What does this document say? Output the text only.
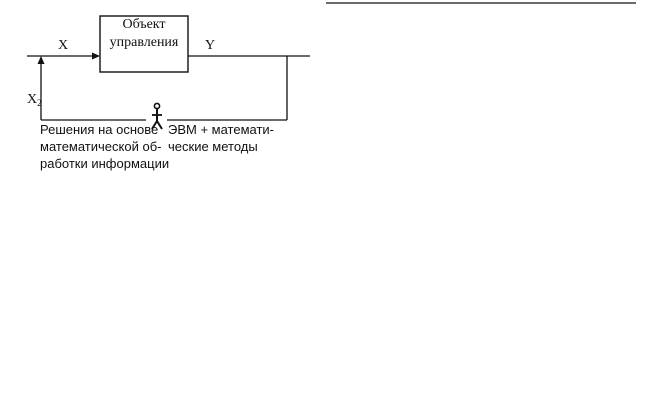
Объект
управления
X	Y
$X_2$
Решения на основе
математической об-
работки информации
ЭВМ + математи-
ческие методы
